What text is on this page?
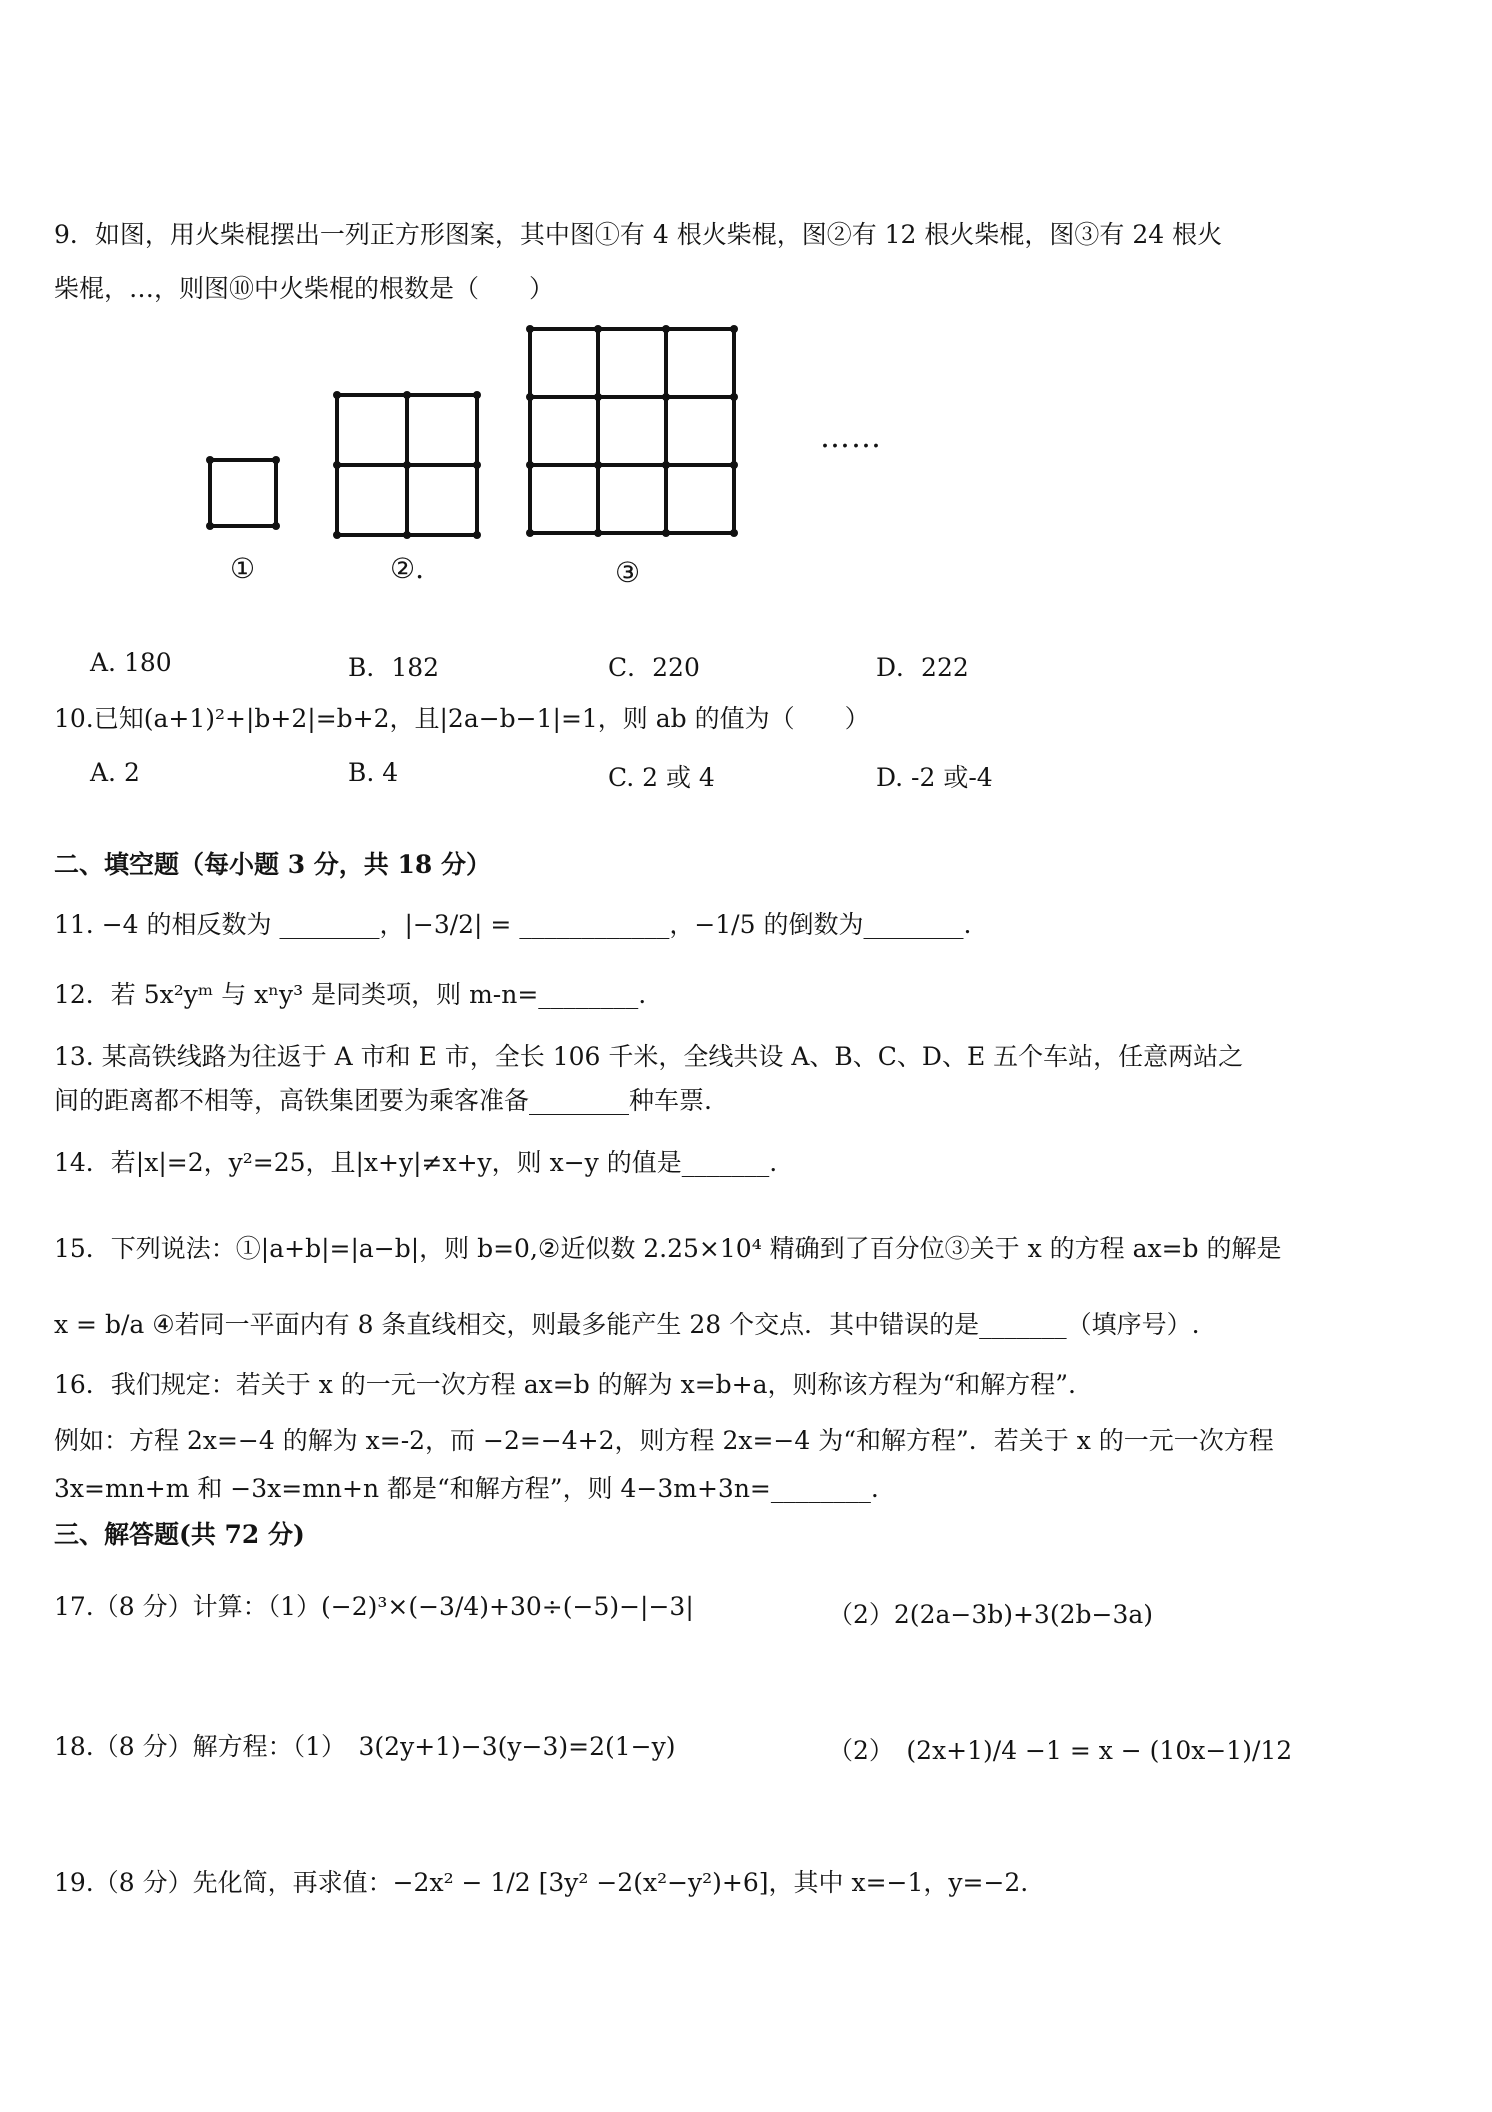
9．如图，用火柴棍摆出一列正方形图案，其中图①有 4 根火柴棍，图②有 12 根火柴棍，图③有 24 根火
柴棍，…，则图⑩中火柴棍的根数是（　　）
①	②.	③
……
A. 180	B．182	C．220	D．222
10.已知(a+1)²+|b+2|=b+2，且|2a−b−1|=1，则 ab 的值为（　　）
A. 2	B. 4	C. 2 或 4	D. -2 或-4
二、填空题（每小题 3 分，共 18 分）
11. −4 的相反数为 ________，|−3/2| = ____________，−1/5 的倒数为________.
12．若 5x²yᵐ 与 xⁿy³ 是同类项，则 m-n=________.
13. 某高铁线路为往返于 A 市和 E 市，全长 106 千米，全线共设 A、B、C、D、E 五个车站，任意两站之
间的距离都不相等，高铁集团要为乘客准备________种车票.
14．若|x|=2，y²=25，且|x+y|≠x+y，则 x−y 的值是_______.
15．下列说法：①|a+b|=|a−b|，则 b=0,②近似数 2.25×10⁴ 精确到了百分位③关于 x 的方程 ax=b 的解是
x = b/a ④若同一平面内有 8 条直线相交，则最多能产生 28 个交点．其中错误的是_______（填序号）.
16．我们规定：若关于 x 的一元一次方程 ax=b 的解为 x=b+a，则称该方程为“和解方程”．
例如：方程 2x=−4 的解为 x=-2，而 −2=−4+2，则方程 2x=−4 为“和解方程”．若关于 x 的一元一次方程
3x=mn+m 和 −3x=mn+n 都是“和解方程”，则 4−3m+3n=________.
三、解答题(共 72 分)
17.（8 分）计算：（1）(−2)³×(−3/4)+30÷(−5)−|−3|	（2）2(2a−3b)+3(2b−3a)
18.（8 分）解方程：（1）　3(2y+1)−3(y−3)=2(1−y)	（2）　(2x+1)/4 −1 = x − (10x−1)/12
19.（8 分）先化简，再求值：−2x² − 1/2 [3y² −2(x²−y²)+6]，其中 x=−1，y=−2.
